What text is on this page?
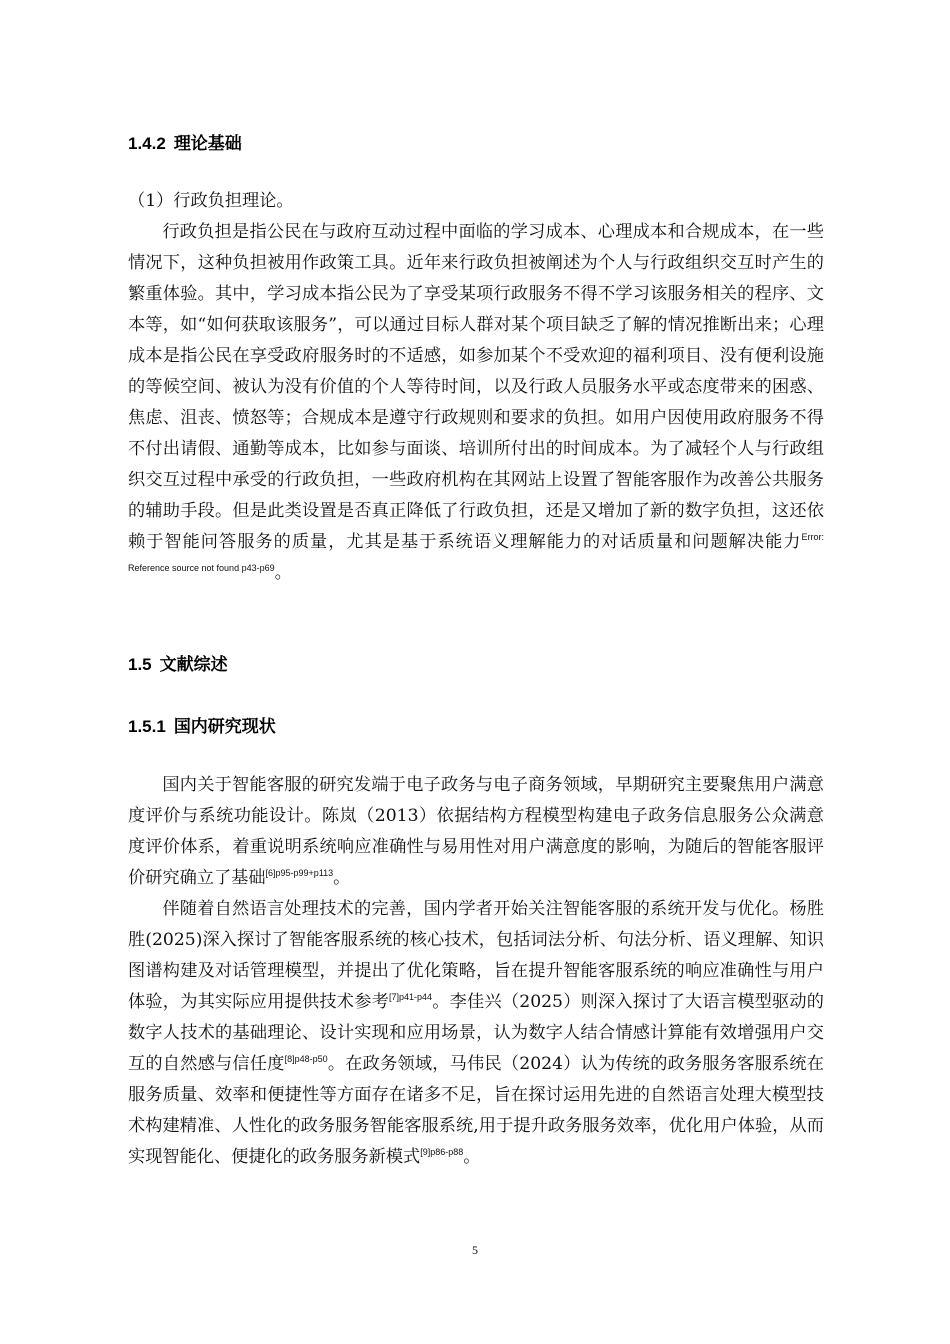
1.4.2 理论基础

（1）行政负担理论。

行政负担是指公民在与政府互动过程中面临的学习成本、心理成本和合规成本，在一些情况下，这种负担被用作政策工具。近年来行政负担被阐述为个人与行政组织交互时产生的繁重体验。其中，学习成本指公民为了享受某项行政服务不得不学习该服务相关的程序、文本等，如“如何获取该服务”，可以通过目标人群对某个项目缺乏了解的情况推断出来；心理成本是指公民在享受政府服务时的不适感，如参加某个不受欢迎的福利项目、没有便利设施的等候空间、被认为没有价值的个人等待时间，以及行政人员服务水平或态度带来的困惑、焦虑、沮丧、愤怒等；合规成本是遵守行政规则和要求的负担。如用户因使用政府服务不得不付出请假、通勤等成本，比如参与面谈、培训所付出的时间成本。为了减轻个人与行政组织交互过程中承受的行政负担，一些政府机构在其网站上设置了智能客服作为改善公共服务的辅助手段。但是此类设置是否真正降低了行政负担，还是又增加了新的数字负担，这还依赖于智能问答服务的质量，尤其是基于系统语义理解能力的对话质量和问题解决能力$^{Error: Reference source not found p43-p69}$。

1.5 文献综述
1.5.1 国内研究现状

国内关于智能客服的研究发端于电子政务与电子商务领域，早期研究主要聚焦用户满意度评价与系统功能设计。陈岚（2013）依据结构方程模型构建电子政务信息服务公众满意度评价体系，着重说明系统响应准确性与易用性对用户满意度的影响，为随后的智能客服评价研究确立了基础$^{[6]p95-p99+p113}$。

伴随着自然语言处理技术的完善，国内学者开始关注智能客服的系统开发与优化。杨胜胜(2025)深入探讨了智能客服系统的核心技术，包括词法分析、句法分析、语义理解、知识图谱构建及对话管理模型，并提出了优化策略，旨在提升智能客服系统的响应准确性与用户体验，为其实际应用提供技术参考$^{[7]p41-p44}$。李佳兴（2025）则深入探讨了大语言模型驱动的数字人技术的基础理论、设计实现和应用场景，认为数字人结合情感计算能有效增强用户交互的自然感与信任度$^{[8]p48-p50}$。在政务领域，马伟民（2024）认为传统的政务服务客服系统在服务质量、效率和便捷性等方面存在诸多不足，旨在探讨运用先进的自然语言处理大模型技术构建精准、人性化的政务服务智能客服系统,用于提升政务服务效率，优化用户体验，从而实现智能化、便捷化的政务服务新模式$^{[9]p86-p88}$。

5
